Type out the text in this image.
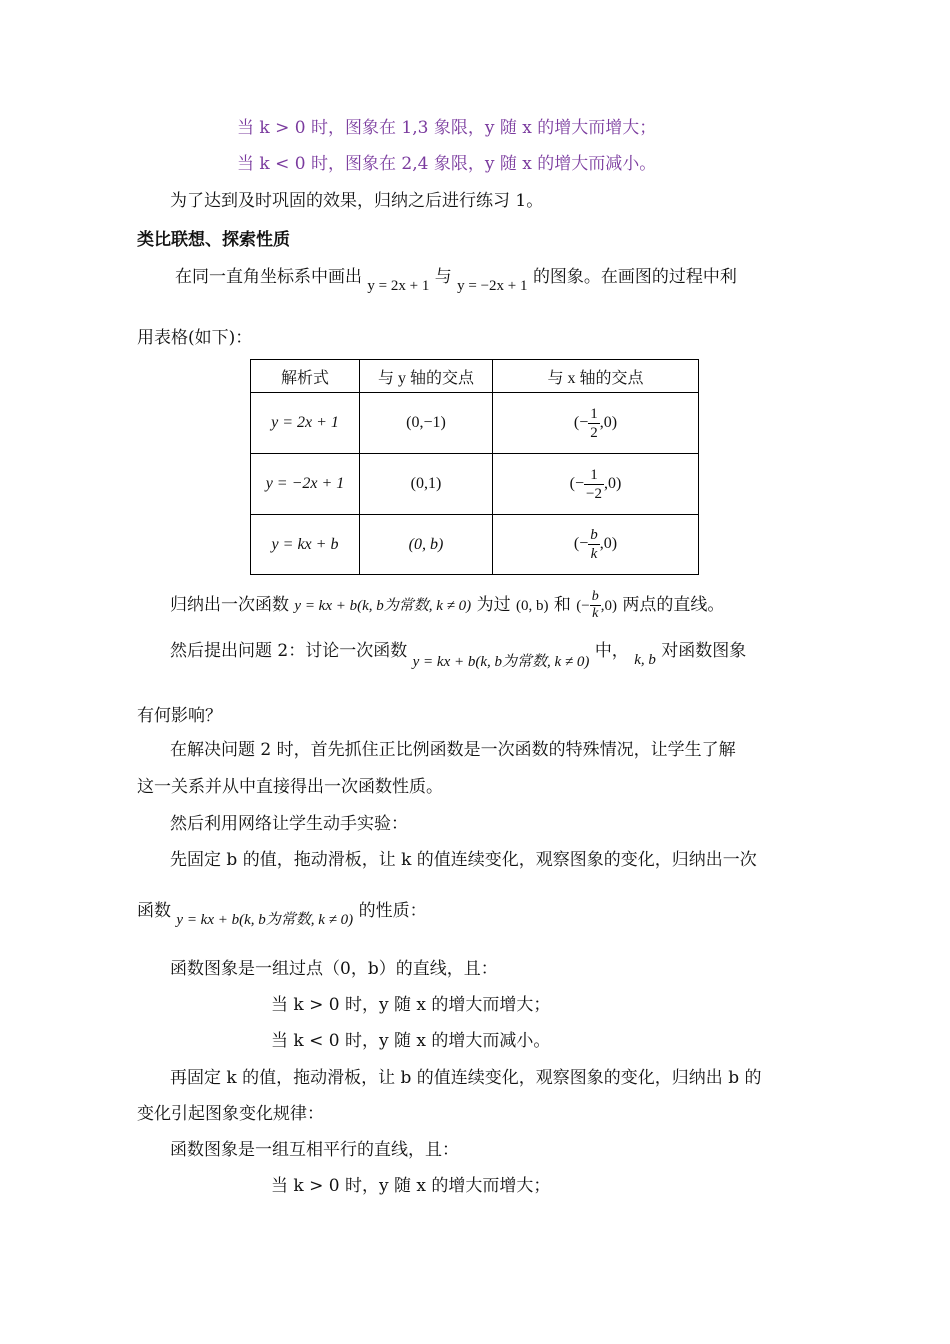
当 k > 0 时，图象在 1,3 象限，y 随 x 的增大而增大；
当 k < 0 时，图象在 2,4 象限，y 随 x 的增大而减小。
为了达到及时巩固的效果，归纳之后进行练习 1。
类比联想、探索性质
在同一直角坐标系中画出 y = 2x + 1 与 y = −2x + 1 的图象。在画图的过程中利
用表格(如下)：
解析式	与 y 轴的交点	与 x 轴的交点
y = 2x + 1	(0,−1)	(− $\frac{1}{2} ,0$)
y = −2x + 1	(0,1)	(− $\frac{1}{-2} ,0$)
y = kx + b	(0, b)	(− $\frac{b}{k} ,0$)
归纳出一次函数 y = kx + b(k, b为常数, k ≠ 0) 为过 (0, b) 和 (− $\frac{b}{k} ,0$) 两点的直线。
然后提出问题 2：讨论一次函数 y = kx + b(k, b为常数, k ≠ 0) 中， k, b 对函数图象
有何影响？
在解决问题 2 时，首先抓住正比例函数是一次函数的特殊情况，让学生了解
这一关系并从中直接得出一次函数性质。
然后利用网络让学生动手实验：
先固定 b 的值，拖动滑板，让 k 的值连续变化，观察图象的变化，归纳出一次
函数 y = kx + b(k, b为常数, k ≠ 0) 的性质：
函数图象是一组过点（0，b）的直线，且：
当 k > 0 时，y 随 x 的增大而增大；
当 k < 0 时，y 随 x 的增大而减小。
再固定 k 的值，拖动滑板，让 b 的值连续变化，观察图象的变化，归纳出 b 的
变化引起图象变化规律：
函数图象是一组互相平行的直线，且：
当 k > 0 时，y 随 x 的增大而增大；
